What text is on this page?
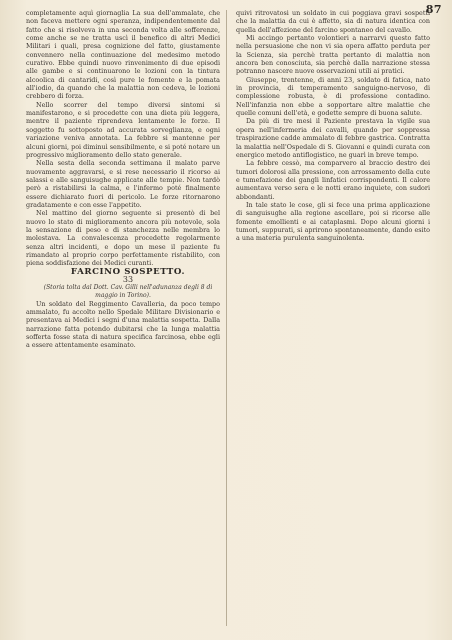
87

completamente aquì giornaglia La sua dell'ammalate, che non faceva mettere ogni speranza, indipendentemente dal fatto che si risolveva in una seconda volta alle sofferenze, come anche se ne tratta uscì il benefico di altri Medici Militari i quali, presa cognizione del fatto, giustamente convennero nella continuazione del medesimo metodo curativo. Ebbe quindi nuovo rinvenimento di due episodi alle gambe e si continuarono le lozioni con la tintura alcoolica di cantaridi, così pure le fomente e la pomata all'iodio, da quando che la malattia non cedeva, le lozioni crebbero di forza.

Nello scorrer del tempo diversi sintomi si manifestarono, e si procedette con una dieta più leggera, mentre il paziente riprendeva lentamente le forze. Il soggetto fu sottoposto ad accurata sorveglianza, e ogni variazione veniva annotata. La febbre si mantenne per alcuni giorni, poi diminuì sensibilmente, e si poté notare un progressivo miglioramento dello stato generale.

Nella sesta della seconda settimana il malato parve nuovamente aggravarsi, e si rese necessario il ricorso ai salassi e alle sanguisughe applicate alle tempie. Non tardò però a ristabilirsi la calma, e l'infermo poté finalmente essere dichiarato fuori di pericolo. Le forze ritornarono gradatamente e con esse l'appetito.

Nel mattino del giorno seguente si presentò di bel nuovo lo stato di miglioramento ancora più notevole, sola la sensazione di peso e di stanchezza nelle membra lo molestava. La convalescenza procedette regolarmente senza altri incidenti, e dopo un mese il paziente fu rimandato al proprio corpo perfettamente ristabilito, con piena soddisfazione dei Medici curanti.

FARCINO SOSPETTO.

33

(Storia tolta dal Dott. Cav. Gilli nell'adunanza degli 8 di maggio in Torino).

Un soldato del Reggimento Cavalleria, da poco tempo ammalato, fu accolto nello Spedale Militare Divisionario e presentava ai Medici i segni d'una malattia sospetta. Dalla narrazione fatta potendo dubitarsi che la lunga malattia sofferta fosse stata di natura specifica farcinosa, ebbe egli a essere attentamente esaminato.

quivi ritrovatosi un soldato in cui poggiava gravi sospetti che la malattia da cui è affetto, sia di natura identica con quella dell'affezione del farcino spontaneo del cavallo.

Mi accingo pertanto volontieri a narrarvi questo fatto nella persuasione che non vi sia opera affatto perduta per la Scienza, sia perchè tratta pertanto di malattia non ancora ben conosciuta, sia perchè dalla narrazione stessa potranno nascere nuove osservazioni utili ai pratici.

Giuseppe, trentenne, di anni 23, soldato di fatica, nato in provincia, di temperamento sanguigno-nervoso, di complessione robusta, è di professione contadino. Nell'infanzia non ebbe a sopportare altre malattie che quelle comuni dell'età, e godette sempre di buona salute.

Da più di tre mesi il Paziente prestava la vigile sua opera nell'infermeria dei cavalli, quando per soppressa traspirazione cadde ammalato di febbre gastrica. Contratta la malattia nell'Ospedale di S. Giovanni e quindi curata con energico metodo antiflogistico, ne guarì in breve tempo.

La febbre cessò, ma comparvero al braccio destro dei tumori dolorosi alla pressione, con arrossamento della cute e tumefazione dei gangli linfatici corrispondenti. Il calore aumentava verso sera e le notti erano inquiete, con sudori abbondanti.

In tale stato le cose, gli si fece una prima applicazione di sanguisughe alla regione ascellare, poi si ricorse alle fomente emollienti e ai cataplasmi. Dopo alcuni giorni i tumori, suppurati, si aprirono spontaneamente, dando esito a una materia purulenta sanguinolenta.
